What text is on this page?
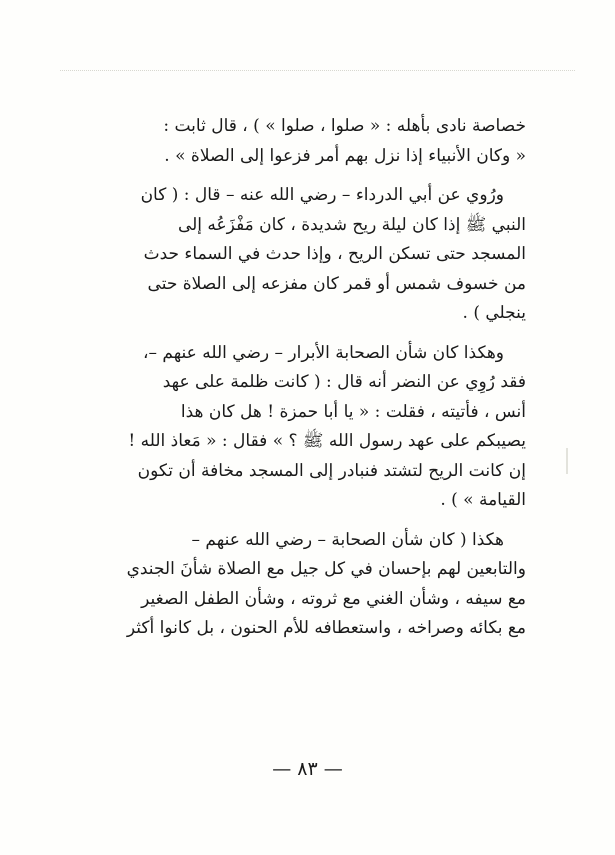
خصاصة نادى بأهله : « صلوا ، صلوا » ) ، قال ثابت :
« وكان الأنبياء إذا نزل بهم أمر فزعوا إلى الصلاة » .

ورُوي عن أبي الدرداء – رضي الله عنه – قال : ( كان
النبي ﷺ إذا كان ليلة ريح شديدة ، كان مَفْزَعُه إلى
المسجد حتى تسكن الريح ، وإذا حدث في السماء حدث
من خسوف شمس أو قمر كان مفزعه إلى الصلاة حتى
ينجلي ) .

وهكذا كان شأن الصحابة الأبرار – رضي الله عنهم –،
فقد رُوِي عن النضر أنه قال : ( كانت ظلمة على عهد
أنس ، فأتيته ، فقلت : « يا أبا حمزة ! هل كان هذا
يصيبكم على عهد رسول الله ﷺ ؟ » فقال : « مَعاذ الله !
إن كانت الريح لتشتد فنبادر إلى المسجد مخافة أن تكون
القيامة » ) .

هكذا ( كان شأن الصحابة – رضي الله عنهم –
والتابعين لهم بإحسان في كل جيل مع الصلاة شأنَ الجندي
مع سيفه ، وشأن الغني مع ثروته ، وشأن الطفل الصغير
مع بكائه وصراخه ، واستعطافه للأم الحنون ، بل كانوا أكثر

— ٨٣ —
